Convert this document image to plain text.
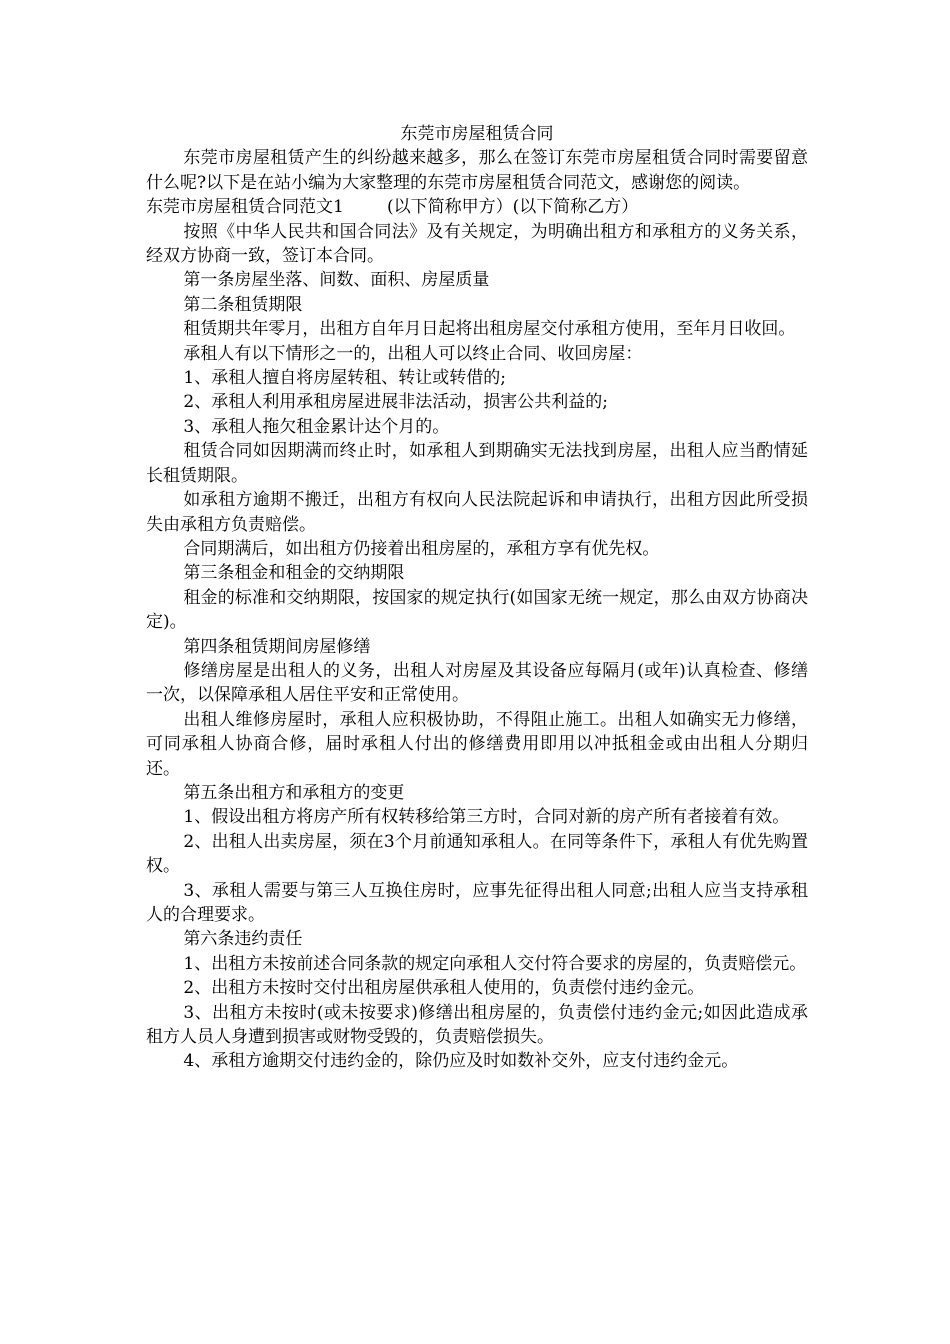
东莞市房屋租赁合同

东莞市房屋租赁产生的纠纷越来越多，那么在签订东莞市房屋租赁合同时需要留意什么呢?以下是在站小编为大家整理的东莞市房屋租赁合同范文，感谢您的阅读。

东莞市房屋租赁合同范文1        (以下简称甲方）(以下简称乙方）

按照《中华人民共和国合同法》及有关规定，为明确出租方和承租方的义务关系，经双方协商一致，签订本合同。

第一条房屋坐落、间数、面积、房屋质量

第二条租赁期限

租赁期共年零月，出租方自年月日起将出租房屋交付承租方使用，至年月日收回。

承租人有以下情形之一的，出租人可以终止合同、收回房屋：

1、承租人擅自将房屋转租、转让或转借的;

2、承租人利用承租房屋进展非法活动，损害公共利益的;

3、承租人拖欠租金累计达个月的。

租赁合同如因期满而终止时，如承租人到期确实无法找到房屋，出租人应当酌情延长租赁期限。

如承租方逾期不搬迁，出租方有权向人民法院起诉和申请执行，出租方因此所受损失由承租方负责赔偿。

合同期满后，如出租方仍接着出租房屋的，承租方享有优先权。

第三条租金和租金的交纳期限

租金的标准和交纳期限，按国家的规定执行(如国家无统一规定，那么由双方协商决定)。

第四条租赁期间房屋修缮

修缮房屋是出租人的义务，出租人对房屋及其设备应每隔月(或年)认真检查、修缮一次，以保障承租人居住平安和正常使用。

出租人维修房屋时，承租人应积极协助，不得阻止施工。出租人如确实无力修缮，可同承租人协商合修，届时承租人付出的修缮费用即用以冲抵租金或由出租人分期归还。

第五条出租方和承租方的变更

1、假设出租方将房产所有权转移给第三方时，合同对新的房产所有者接着有效。

2、出租人出卖房屋，须在3个月前通知承租人。在同等条件下，承租人有优先购置权。

3、承租人需要与第三人互换住房时，应事先征得出租人同意;出租人应当支持承租人的合理要求。

第六条违约责任

1、出租方未按前述合同条款的规定向承租人交付符合要求的房屋的，负责赔偿元。

2、出租方未按时交付出租房屋供承租人使用的，负责偿付违约金元。

3、出租方未按时(或未按要求)修缮出租房屋的，负责偿付违约金元;如因此造成承租方人员人身遭到损害或财物受毁的，负责赔偿损失。

4、承租方逾期交付违约金的，除仍应及时如数补交外，应支付违约金元。
